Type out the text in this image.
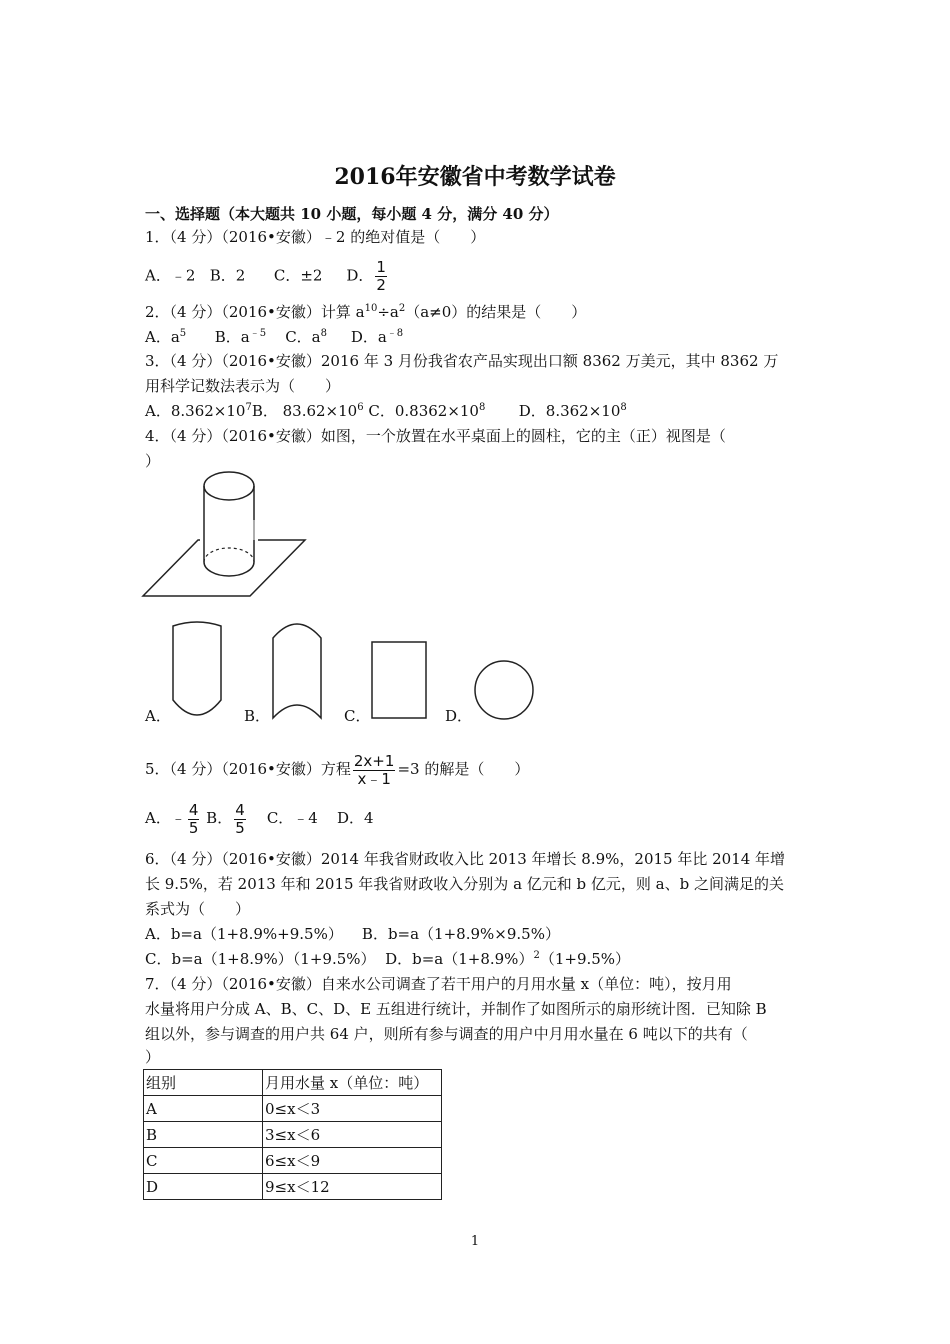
2016年安徽省中考数学试卷
一、选择题（本大题共 10 小题，每小题 4 分，满分 40 分）
1．（4 分）（2016•安徽）﹣2 的绝对值是（　　）
A．﹣2 B．2 C．±2 D． $\frac{1}{2}$
2．（4 分）（2016•安徽）计算 $a^{10}\div a^2(a\ne 0)$的结果是（　　）
A．$a^5$ B．$a^{﹣5}$ C．$a^8$ D．$a^{﹣8}$
3．（4 分）（2016•安徽）2016 年 3 月份我省农产品实现出口额 8362 万美元，其中 8362 万
用科学记数法表示为（　　）
A．$8.362\times 10^7B$． $83.62\times 10^6$ C．$0.8362\times 10^8$ D．$8.362\times 10^8$
4．（4 分）（2016•安徽）如图，一个放置在水平桌面上的圆柱，它的主（正）视图是（
）
A．	B．	C．	D．
5．（4 分）（2016•安徽）方程 $\frac{2x+1}{x﹣1} =3$ 的解是（　　）
A．﹣ $\frac{4}{5}$ B． $\frac{4}{5}$ C．﹣4 D．4
6．（4 分）（2016•安徽）2014 年我省财政收入比 2013 年增长 8.9%，2015 年比 2014 年增
长 9.5%，若 2013 年和 2015 年我省财政收入分别为 a 亿元和 b 亿元，则 a、b 之间满足的关
系式为（　　）
A．b=a（1+8.9%+9.5%） B．b=a（1+8.9%×9.5%）
C．b=a（1+8.9%）（1+9.5%） D．$b=a(1+8.9\%)^2(1+9.5\%)$
7．（4 分）（2016•安徽）自来水公司调查了若干用户的月用水量 x（单位：吨），按月用
水量将用户分成 A、B、C、D、E 五组进行统计，并制作了如图所示的扇形统计图．已知除 B
组以外，参与调查的用户共 64 户，则所有参与调查的用户中月用水量在 6 吨以下的共有（
）
组别	月用水量 x（单位：吨）
A	0≤x＜3
B	3≤x＜6
C	6≤x＜9
D	9≤x＜12
1
